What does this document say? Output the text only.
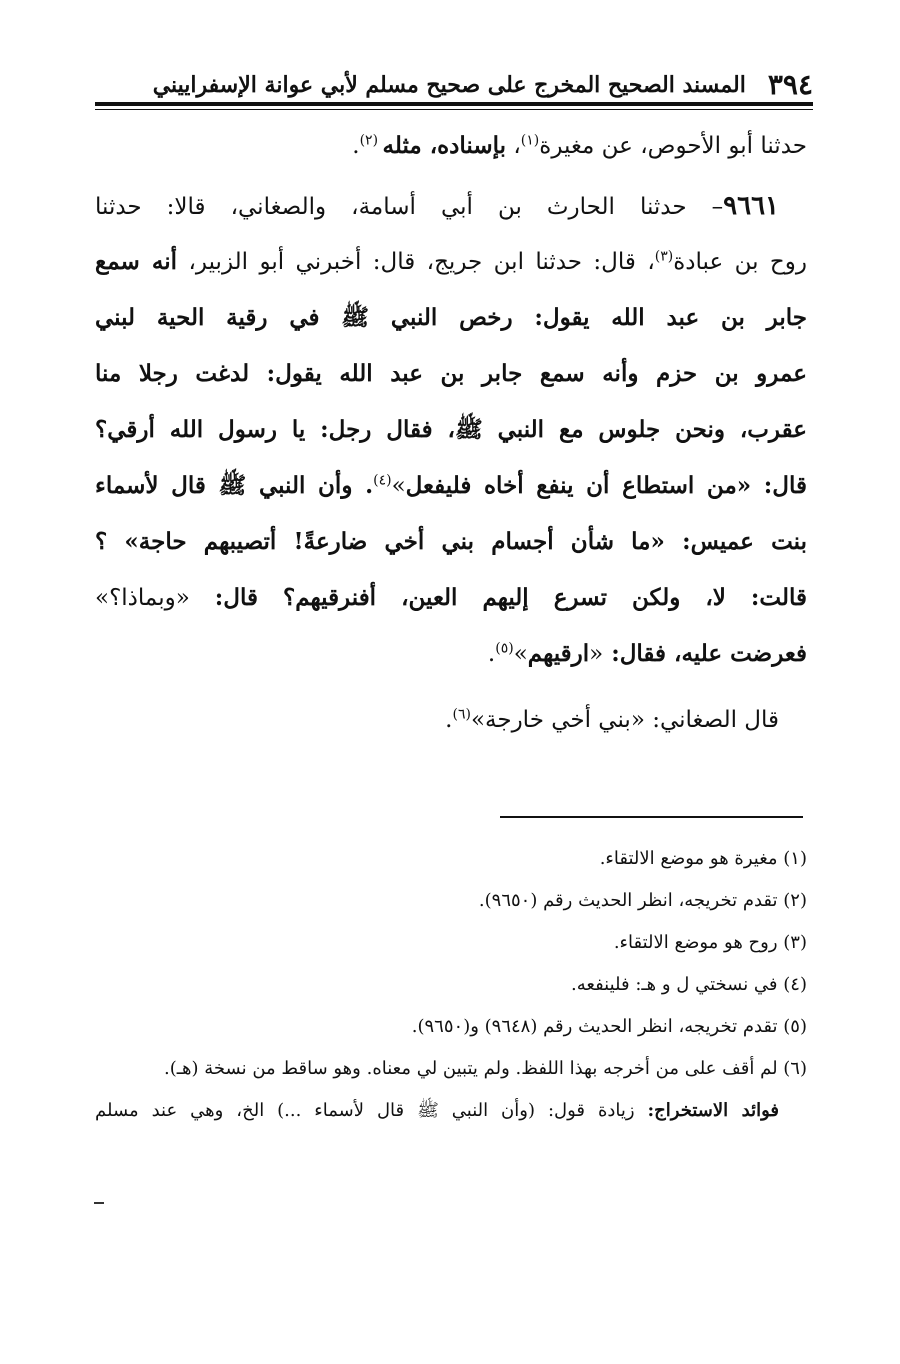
٣٩٤
المسند الصحيح المخرج على صحيح مسلم لأبي عوانة الإسفراييني
حدثنا أبو الأحوص، عن مغيرة$^{(١)}$، بإسناده، مثله $^{(٢)}$.
٩٦٦١– حدثنا الحارث بن أبي أسامة، والصغاني، قالا: حدثنا
روح بن عبادة$^{(٣)}$، قال: حدثنا ابن جريج، قال: أخبرني أبو الزبير، أنه سمع
جابر بن عبد الله يقول: رخص النبي ﷺ في رقية الحية لبني
عمرو بن حزم وأنه سمع جابر بن عبد الله يقول: لدغت رجلا منا
عقرب، ونحن جلوس مع النبي ﷺ، فقال رجل: يا رسول الله أرقي؟
قال: «من استطاع أن ينفع أخاه فليفعل»$^{(٤)}$. وأن النبي ﷺ قال لأسماء
بنت عميس: «ما شأن أجسام بني أخي ضارعةً! أتصيبهم حاجة» ؟
قالت: لا، ولكن تسرع إليهم العين، أفنرقيهم؟ قال: «وبماذا؟»
فعرضت عليه، فقال: «ارقيهم»$^{(٥)}$.
قال الصغاني: «بني أخي خارجة»$^{(٦)}$.
(١) مغيرة هو موضع الالتقاء.
(٢) تقدم تخريجه، انظر الحديث رقم (٩٦٥٠).
(٣) روح هو موضع الالتقاء.
(٤) في نسختي ل و هـ: فلينفعه.
(٥) تقدم تخريجه، انظر الحديث رقم (٩٦٤٨) و(٩٦٥٠).
(٦) لم أقف على من أخرجه بهذا اللفظ. ولم يتبين لي معناه. وهو ساقط من نسخة (هـ).
فوائد الاستخراج: زيادة قول: (وأن النبي ﷺ قال لأسماء ...) الخ، وهي عند مسلم
